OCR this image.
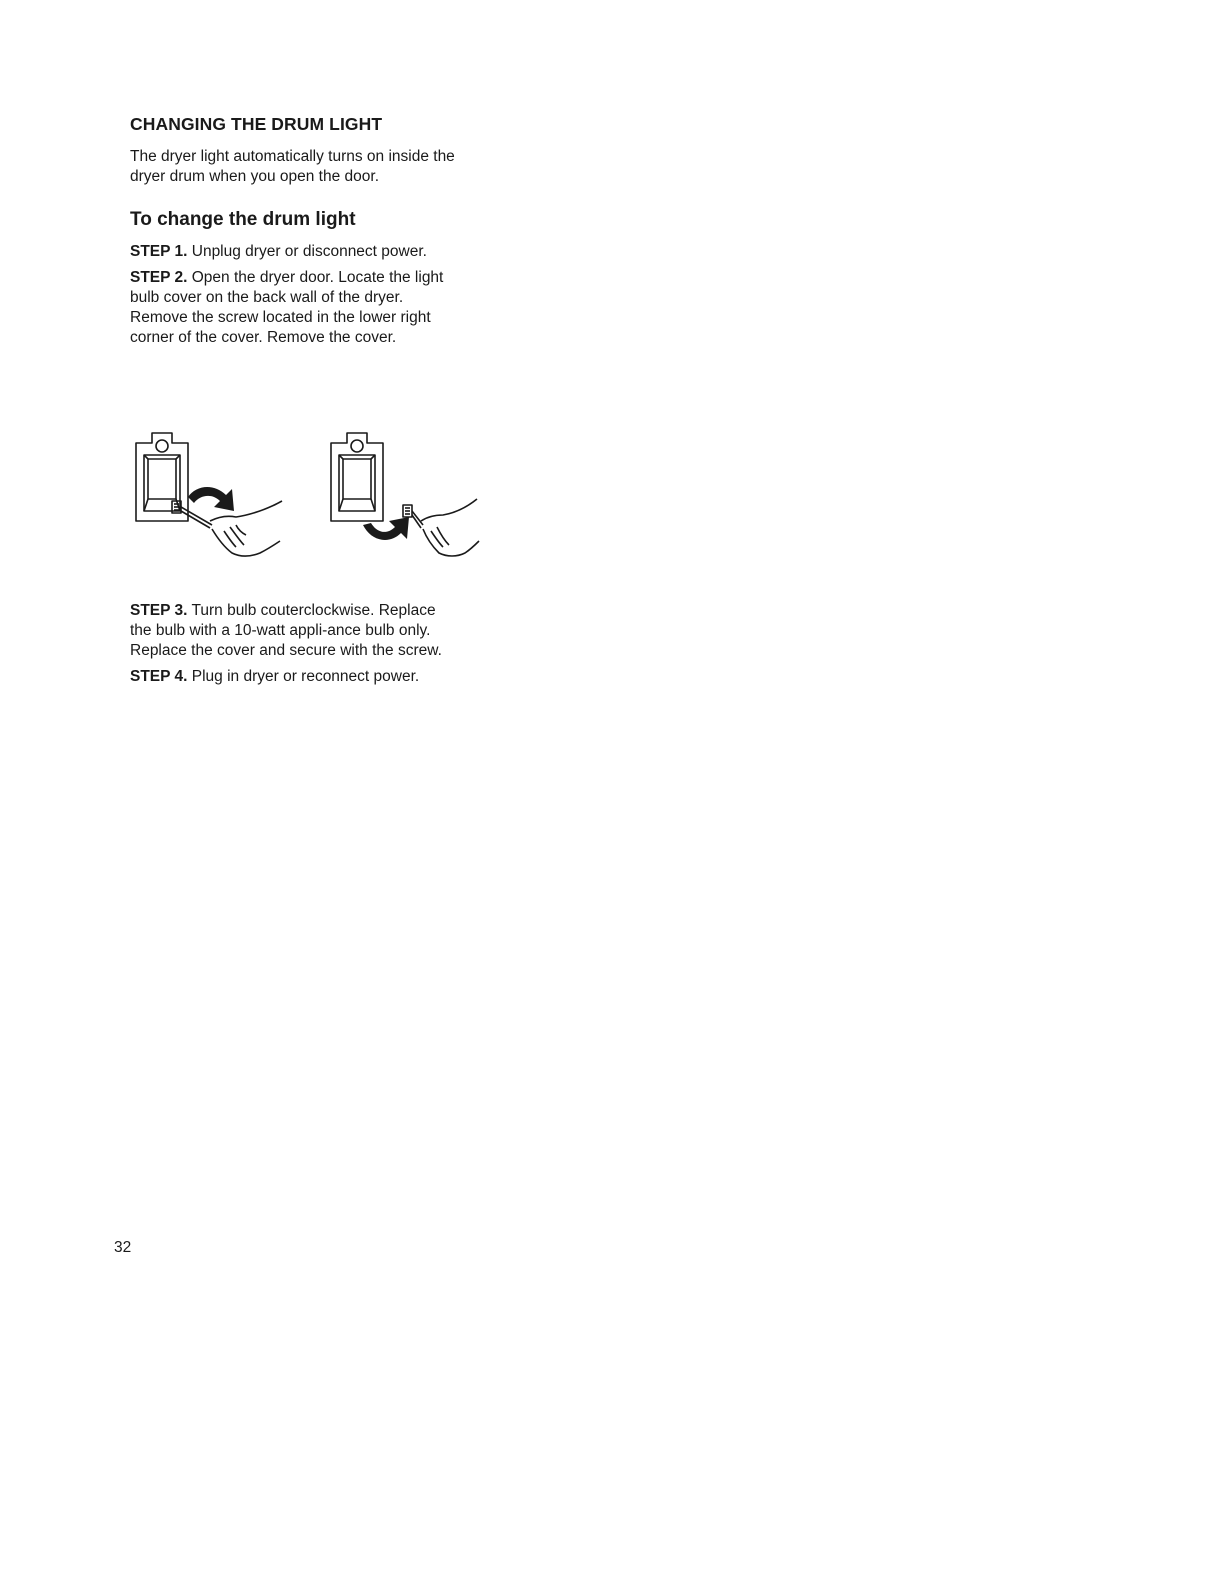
CHANGING THE DRUM LIGHT

The dryer light automatically turns on inside the dryer drum when you open the door.

To change the drum light

STEP 1. Unplug dryer or disconnect power.

STEP 2. Open the dryer door. Locate the light bulb cover on the back wall of the dryer. Remove the screw located in the lower right corner of the cover. Remove the cover.

STEP 3. Turn bulb couterclockwise. Replace the bulb with a 10-watt appli-ance bulb only. Replace the cover and secure with the screw.

STEP 4. Plug in dryer or reconnect power.

32
